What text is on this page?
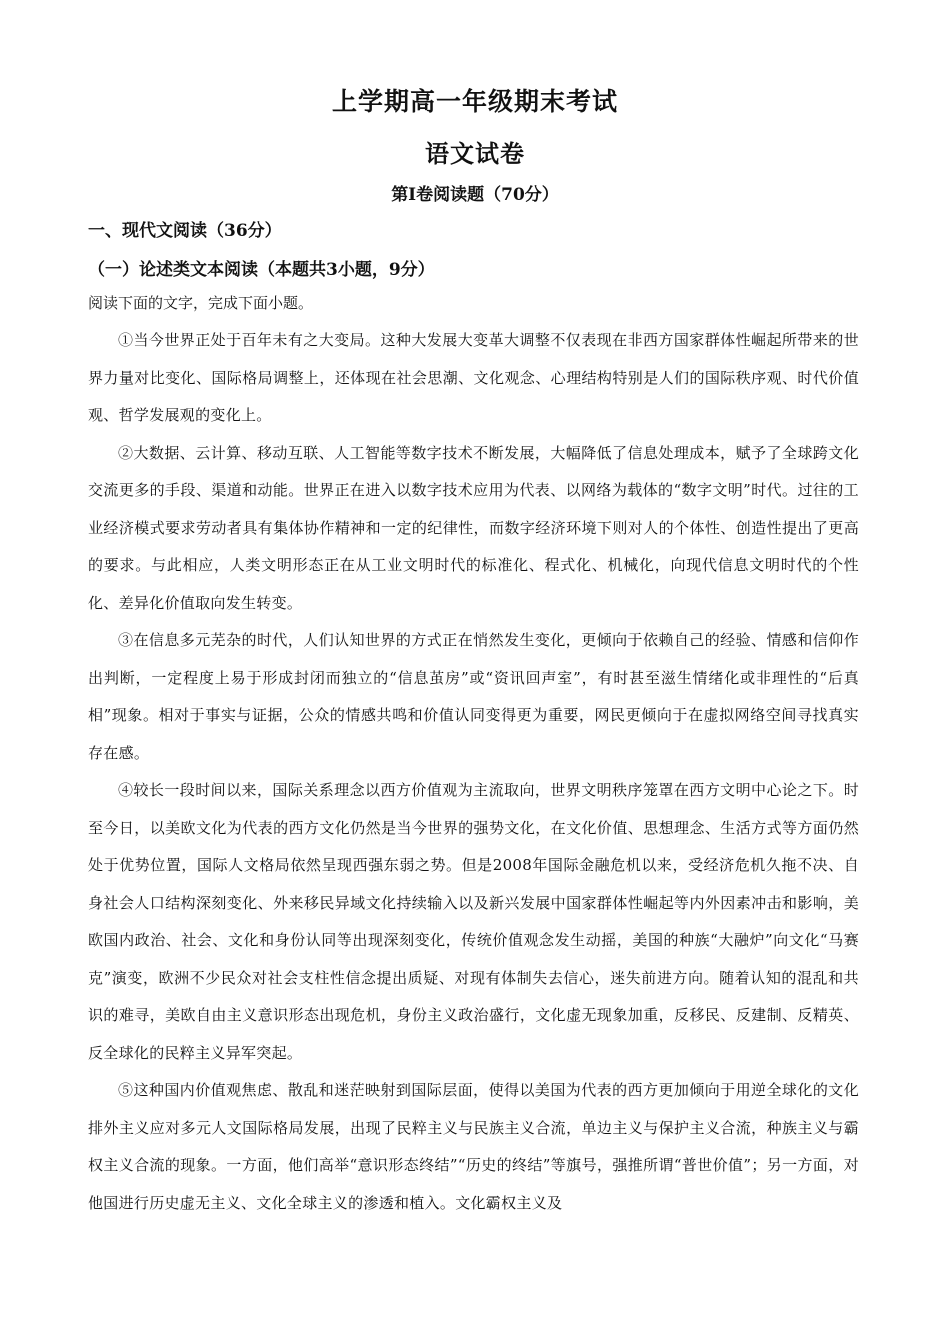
上学期高一年级期末考试
语文试卷
第Ⅰ卷阅读题（70分）
一、现代文阅读（36分）
（一）论述类文本阅读（本题共3小题，9分）
阅读下面的文字，完成下面小题。

①当今世界正处于百年未有之大变局。这种大发展大变革大调整不仅表现在非西方国家群体性崛起所带来的世界力量对比变化、国际格局调整上，还体现在社会思潮、文化观念、心理结构特别是人们的国际秩序观、时代价值观、哲学发展观的变化上。

②大数据、云计算、移动互联、人工智能等数字技术不断发展，大幅降低了信息处理成本，赋予了全球跨文化交流更多的手段、渠道和动能。世界正在进入以数字技术应用为代表、以网络为载体的“数字文明”时代。过往的工业经济模式要求劳动者具有集体协作精神和一定的纪律性，而数字经济环境下则对人的个体性、创造性提出了更高的要求。与此相应，人类文明形态正在从工业文明时代的标准化、程式化、机械化，向现代信息文明时代的个性化、差异化价值取向发生转变。

③在信息多元芜杂的时代，人们认知世界的方式正在悄然发生变化，更倾向于依赖自己的经验、情感和信仰作出判断，一定程度上易于形成封闭而独立的“信息茧房”或“资讯回声室”，有时甚至滋生情绪化或非理性的“后真相”现象。相对于事实与证据，公众的情感共鸣和价值认同变得更为重要，网民更倾向于在虚拟网络空间寻找真实存在感。

④较长一段时间以来，国际关系理念以西方价值观为主流取向，世界文明秩序笼罩在西方文明中心论之下。时至今日，以美欧文化为代表的西方文化仍然是当今世界的强势文化，在文化价值、思想理念、生活方式等方面仍然处于优势位置，国际人文格局依然呈现西强东弱之势。但是2008年国际金融危机以来，受经济危机久拖不决、自身社会人口结构深刻变化、外来移民异域文化持续输入以及新兴发展中国家群体性崛起等内外因素冲击和影响，美欧国内政治、社会、文化和身份认同等出现深刻变化，传统价值观念发生动摇，美国的种族“大融炉”向文化“马赛克”演变，欧洲不少民众对社会支柱性信念提出质疑、对现有体制失去信心，迷失前进方向。随着认知的混乱和共识的难寻，美欧自由主义意识形态出现危机，身份主义政治盛行，文化虚无现象加重，反移民、反建制、反精英、反全球化的民粹主义异军突起。

⑤这种国内价值观焦虑、散乱和迷茫映射到国际层面，使得以美国为代表的西方更加倾向于用逆全球化的文化排外主义应对多元人文国际格局发展，出现了民粹主义与民族主义合流，单边主义与保护主义合流，种族主义与霸权主义合流的现象。一方面，他们高举“意识形态终结”“历史的终结”等旗号，强推所谓“普世价值”；另一方面，对他国进行历史虚无主义、文化全球主义的渗透和植入。文化霸权主义及
